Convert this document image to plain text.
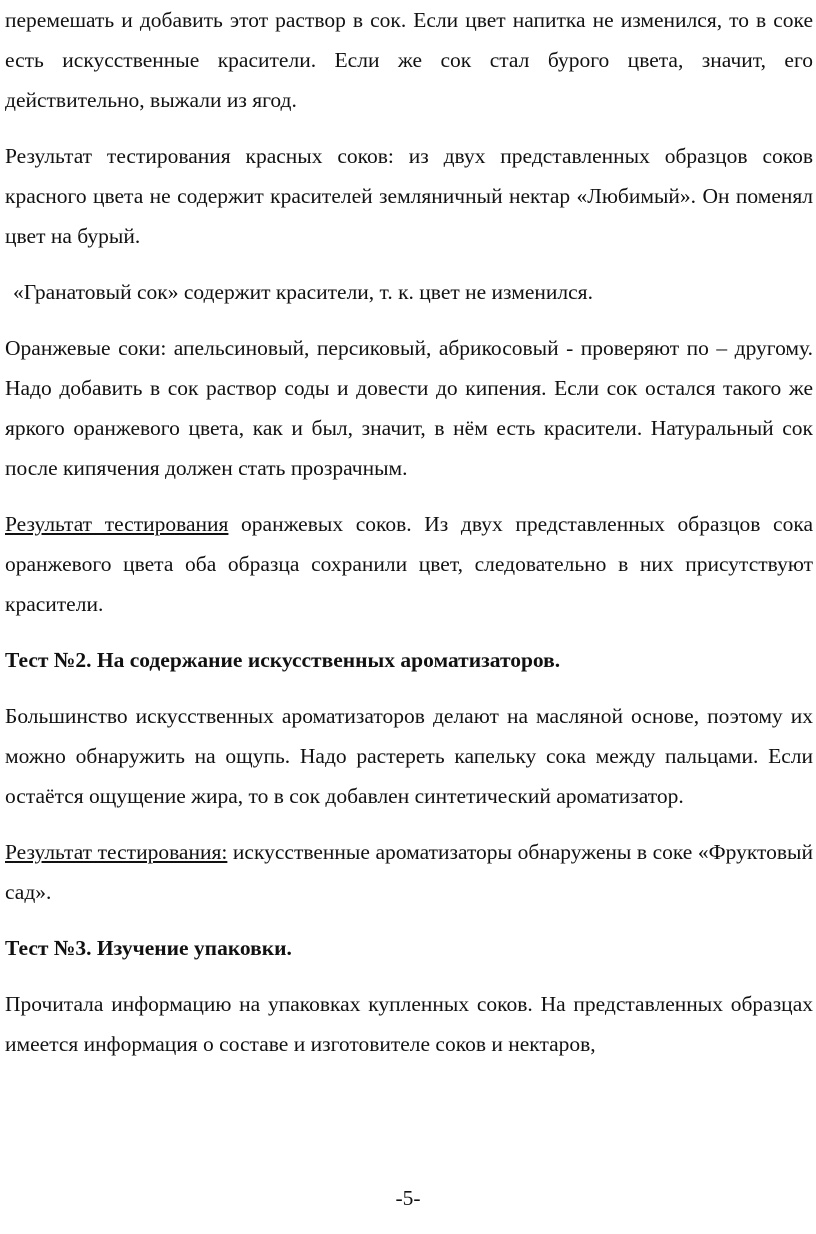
перемешать и добавить этот раствор в сок. Если цвет напитка не изменился, то в соке есть искусственные красители. Если же сок стал бурого цвета, значит, его действительно, выжали из ягод.

Результат тестирования красных соков: из двух представленных образцов соков красного цвета не содержит красителей земляничный нектар «Любимый». Он поменял цвет на бурый.

«Гранатовый сок» содержит красители, т. к. цвет не изменился.

Оранжевые соки: апельсиновый, персиковый, абрикосовый - проверяют по – другому. Надо добавить в сок раствор соды и довести до кипения. Если сок остался такого же яркого оранжевого цвета, как и был, значит, в нём есть красители. Натуральный сок после кипячения должен стать прозрачным.

Результат тестирования оранжевых соков. Из двух представленных образцов сока оранжевого цвета оба образца сохранили цвет, следовательно в них присутствуют красители.

Тест №2. На содержание искусственных ароматизаторов.

Большинство искусственных ароматизаторов делают на масляной основе, поэтому их можно обнаружить на ощупь. Надо растереть капельку сока между пальцами. Если остаётся ощущение жира, то в сок добавлен синтетический ароматизатор.

Результат тестирования: искусственные ароматизаторы обнаружены в соке «Фруктовый сад».

Тест №3. Изучение упаковки.

Прочитала информацию на упаковках купленных соков. На представленных образцах имеется информация о составе и изготовителе соков и нектаров,

-5-
